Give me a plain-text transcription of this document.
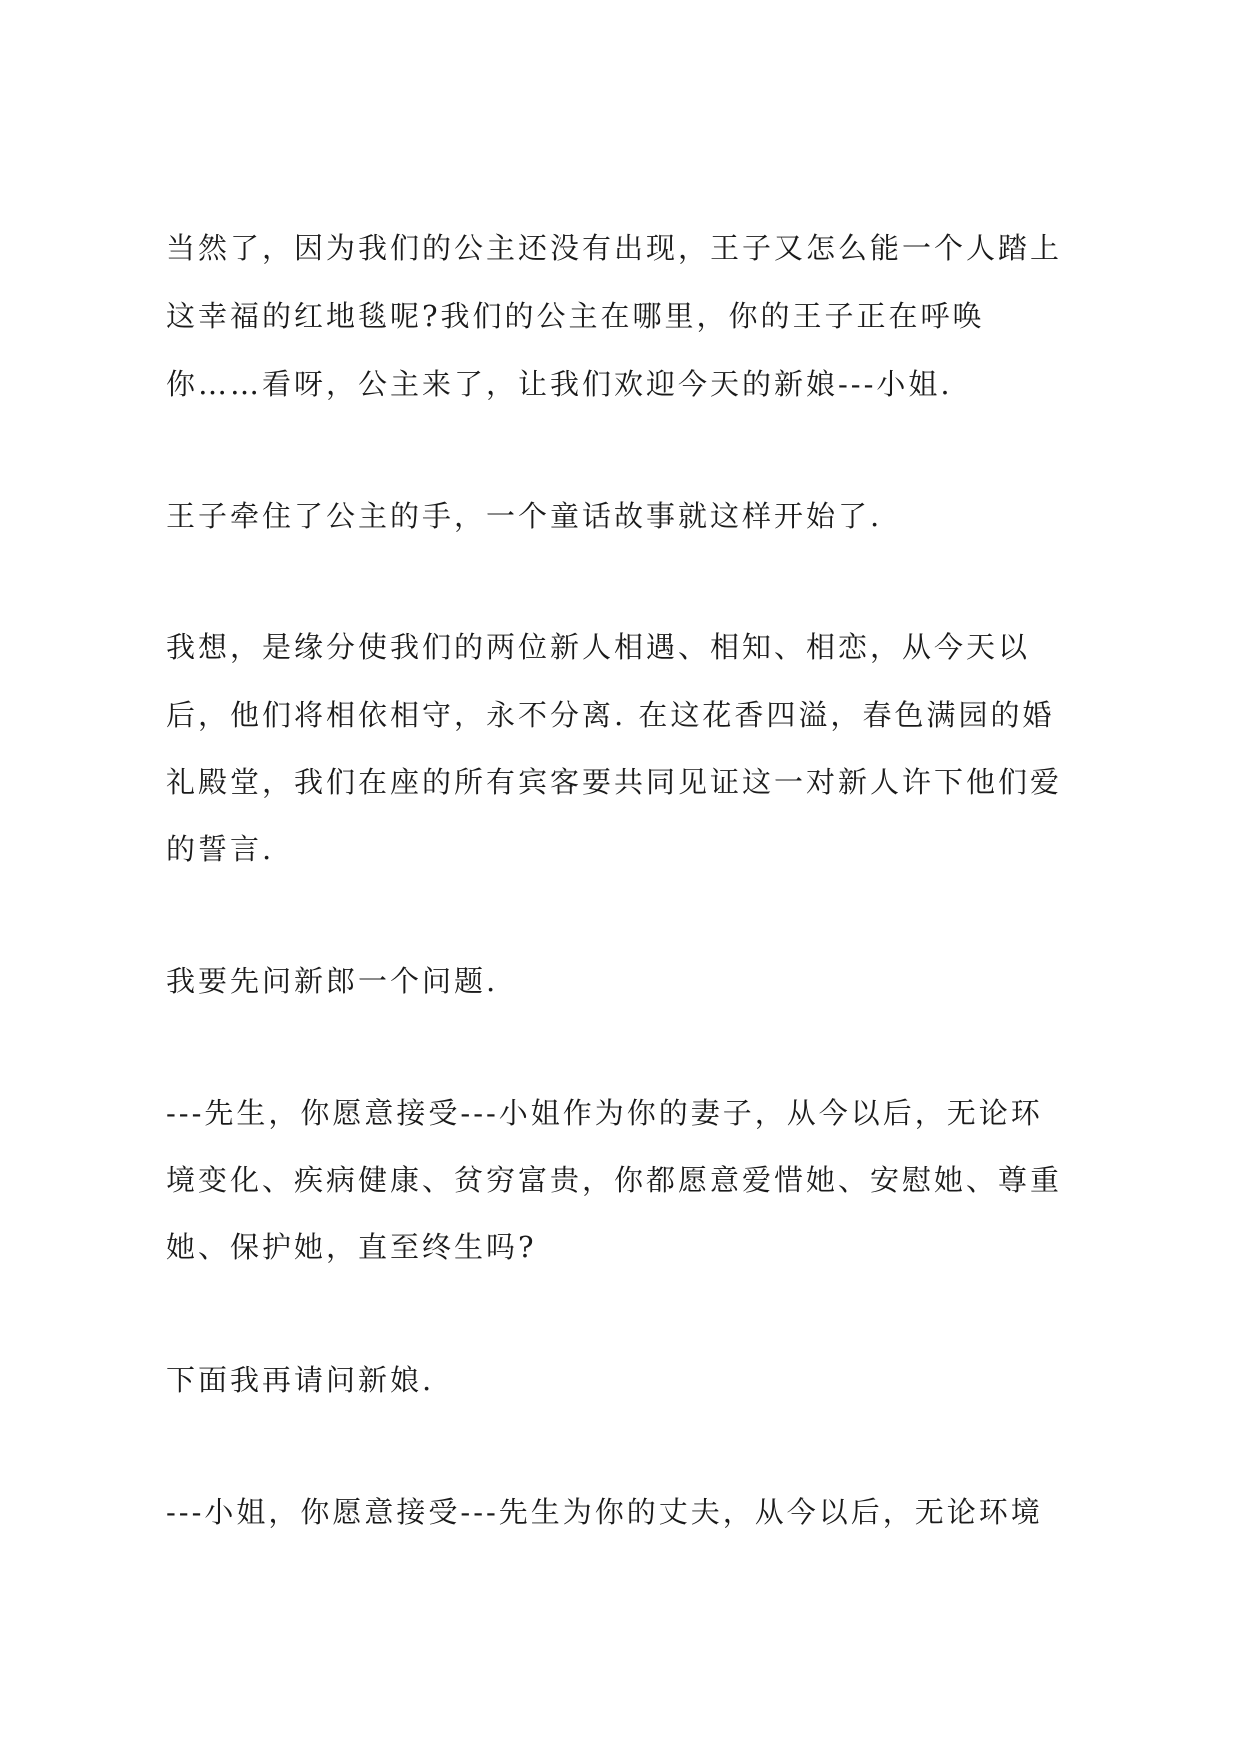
当然了，因为我们的公主还没有出现，王子又怎么能一个人踏上
这幸福的红地毯呢?我们的公主在哪里，你的王子正在呼唤
你……看呀，公主来了，让我们欢迎今天的新娘---小姐.
王子牵住了公主的手，一个童话故事就这样开始了.
我想，是缘分使我们的两位新人相遇、相知、相恋，从今天以
后，他们将相依相守，永不分离. 在这花香四溢，春色满园的婚
礼殿堂，我们在座的所有宾客要共同见证这一对新人许下他们爱
的誓言.
我要先问新郎一个问题.
---先生，你愿意接受---小姐作为你的妻子，从今以后，无论环
境变化、疾病健康、贫穷富贵，你都愿意爱惜她、安慰她、尊重
她、保护她，直至终生吗?
下面我再请问新娘.
---小姐，你愿意接受---先生为你的丈夫，从今以后，无论环境
